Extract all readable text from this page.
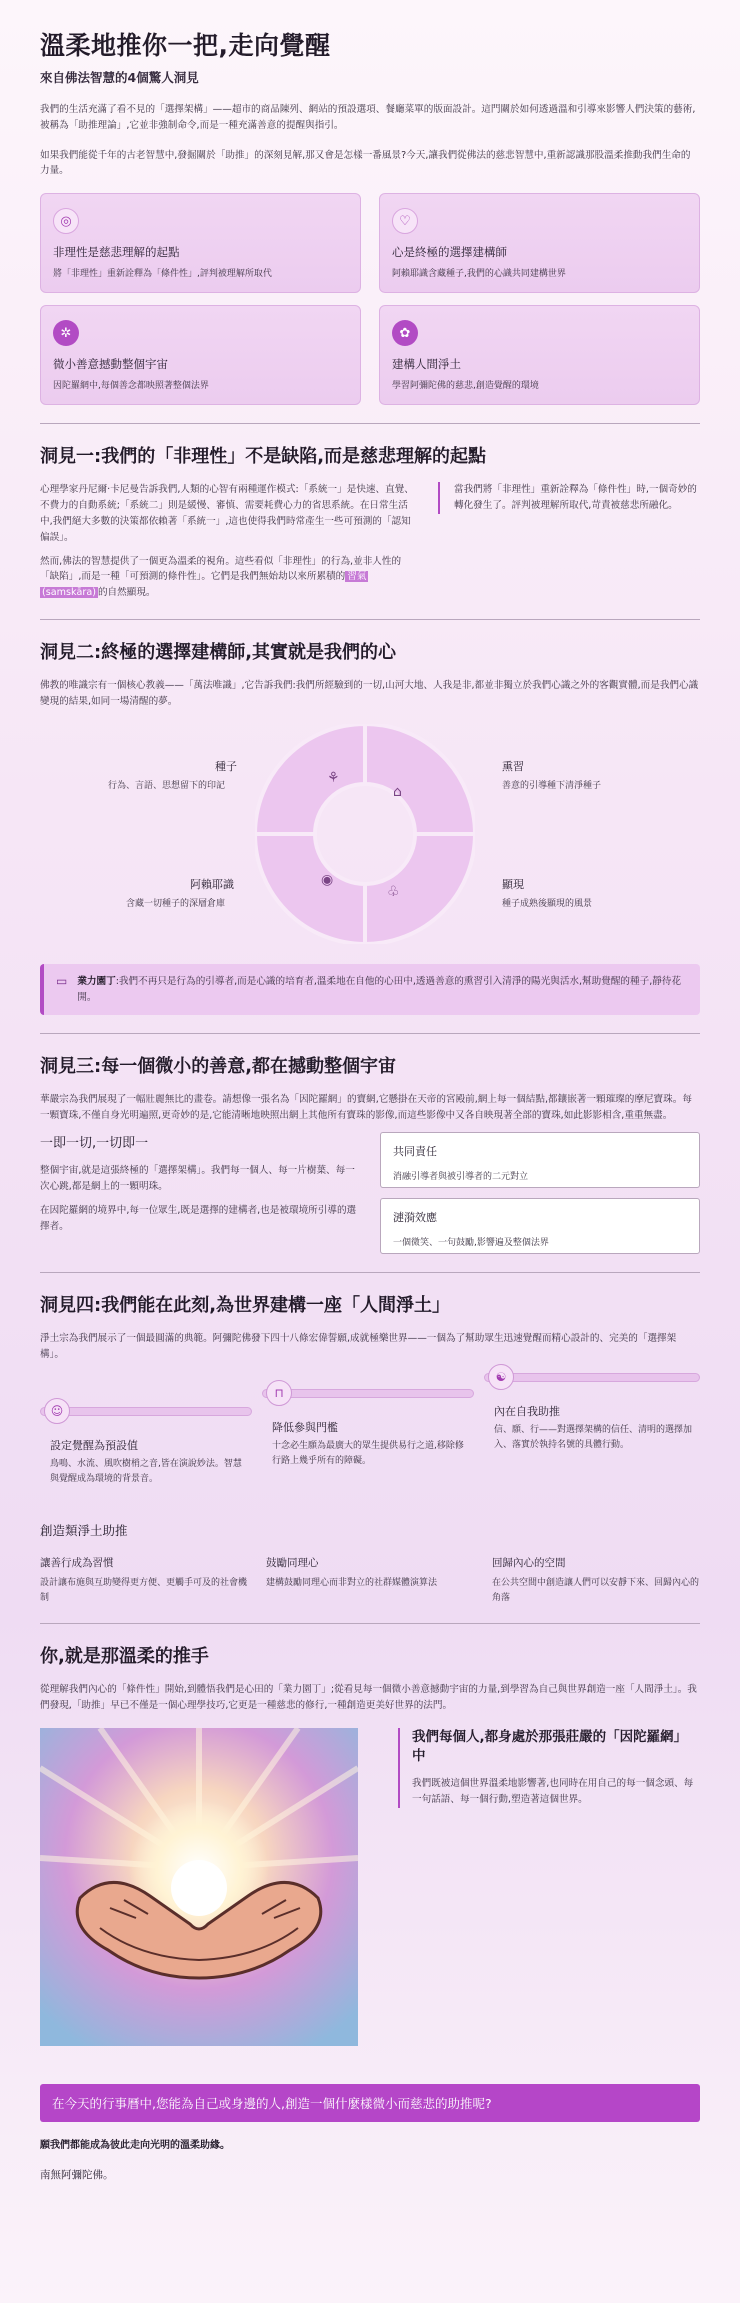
溫柔地推你一把,走向覺醒
來自佛法智慧的4個驚人洞見

我們的生活充滿了看不見的「選擇架構」——超市的商品陳列、網站的預設選項、餐廳菜單的版面設計。這門關於如何透過溫和引導來影響人們決策的藝術,被稱為「助推理論」,它並非強制命令,而是一種充滿善意的提醒與指引。

如果我們能從千年的古老智慧中,發掘關於「助推」的深刻見解,那又會是怎樣一番風景?今天,讓我們從佛法的慈悲智慧中,重新認識那股溫柔推動我們生命的力量。

◎
非理性是慈悲理解的起點
將「非理性」重新詮釋為「條件性」,評判被理解所取代
♡
心是終極的選擇建構師
阿賴耶識含藏種子,我們的心識共同建構世界
✲
微小善意撼動整個宇宙
因陀羅網中,每個善念都映照著整個法界
✿
建構人間淨土
學習阿彌陀佛的慈悲,創造覺醒的環境
洞見一:我們的「非理性」不是缺陷,而是慈悲理解的起點

心理學家丹尼爾·卡尼曼告訴我們,人類的心智有兩種運作模式:「系統一」是快速、直覺、不費力的自動系統;「系統二」則是緩慢、審慎、需要耗費心力的省思系統。在日常生活中,我們絕大多數的決策都依賴著「系統一」,這也使得我們時常產生一些可預測的「認知偏誤」。

然而,佛法的智慧提供了一個更為溫柔的視角。這些看似「非理性」的行為,並非人性的「缺陷」,而是一種「可預測的條件性」。它們是我們無始劫以來所累積的 習氣(samskāra) 的自然顯現。

當我們將「非理性」重新詮釋為「條件性」時,一個奇妙的轉化發生了。評判被理解所取代,苛責被慈悲所融化。

洞見二:終極的選擇建構師,其實就是我們的心

佛教的唯識宗有一個核心教義——「萬法唯識」,它告訴我們:我們所經驗到的一切,山河大地、人我是非,都並非獨立於我們心識之外的客觀實體,而是我們心識變現的結果,如同一場清醒的夢。

⚘
⌂
♧
◉
種子
行為、言語、思想留下的印記
熏習
善意的引導種下清淨種子
顯現
種子成熟後顯現的風景
阿賴耶識
含藏一切種子的深層倉庫
▭ 業力園丁:我們不再只是行為的引導者,而是心識的培育者,溫柔地在自他的心田中,透過善意的熏習引入清淨的陽光與活水,幫助覺醒的種子,靜待花開。

洞見三:每一個微小的善意,都在撼動整個宇宙

華嚴宗為我們展現了一幅壯麗無比的畫卷。請想像一張名為「因陀羅網」的寶網,它懸掛在天帝的宮殿前,網上每一個結點,都鑲嵌著一顆璀璨的摩尼寶珠。每一顆寶珠,不僅自身光明遍照,更奇妙的是,它能清晰地映照出網上其他所有寶珠的影像,而這些影像中又各自映現著全部的寶珠,如此影影相含,重重無盡。

一即一切,一切即一

整個宇宙,就是這張終極的「選擇架構」。我們每一個人、每一片樹葉、每一次心跳,都是網上的一顆明珠。

在因陀羅網的境界中,每一位眾生,既是選擇的建構者,也是被環境所引導的選擇者。

共同責任
消融引導者與被引導者的二元對立
漣漪效應
一個微笑、一句鼓勵,影響遍及整個法界
洞見四:我們能在此刻,為世界建構一座「人間淨土」

淨土宗為我們展示了一個最圓滿的典範。阿彌陀佛發下四十八條宏偉誓願,成就極樂世界——一個為了幫助眾生迅速覺醒而精心設計的、完美的「選擇架構」。

☺
設定覺醒為預設值
鳥鳴、水流、風吹樹梢之音,皆在演說妙法。智慧與覺醒成為環境的背景音。
⊓
降低參與門檻
十念必生願為最廣大的眾生提供易行之道,移除修行路上幾乎所有的障礙。
☯
內在自我助推
信、願、行——對選擇架構的信任、清明的選擇加入、落實於執持名號的具體行動。
創造類淨土助推
讓善行成為習慣
設計讓布施與互助變得更方便、更觸手可及的社會機制
鼓勵同理心
建構鼓勵同理心而非對立的社群媒體演算法
回歸內心的空間
在公共空間中創造讓人們可以安靜下來、回歸內心的角落
你,就是那溫柔的推手

從理解我們內心的「條件性」開始,到體悟我們是心田的「業力園丁」;從看見每一個微小善意撼動宇宙的力量,到學習為自己與世界創造一座「人間淨土」。我們發現,「助推」早已不僅是一個心理學技巧,它更是一種慈悲的修行,一種創造更美好世界的法門。

我們每個人,都身處於那張莊嚴的「因陀羅網」中

我們既被這個世界溫柔地影響著,也同時在用自己的每一個念頭、每一句話語、每一個行動,塑造著這個世界。

在今天的行事曆中,您能為自己或身邊的人,創造一個什麼樣微小而慈悲的助推呢?
願我們都能成為彼此走向光明的溫柔助緣。
南無阿彌陀佛。
